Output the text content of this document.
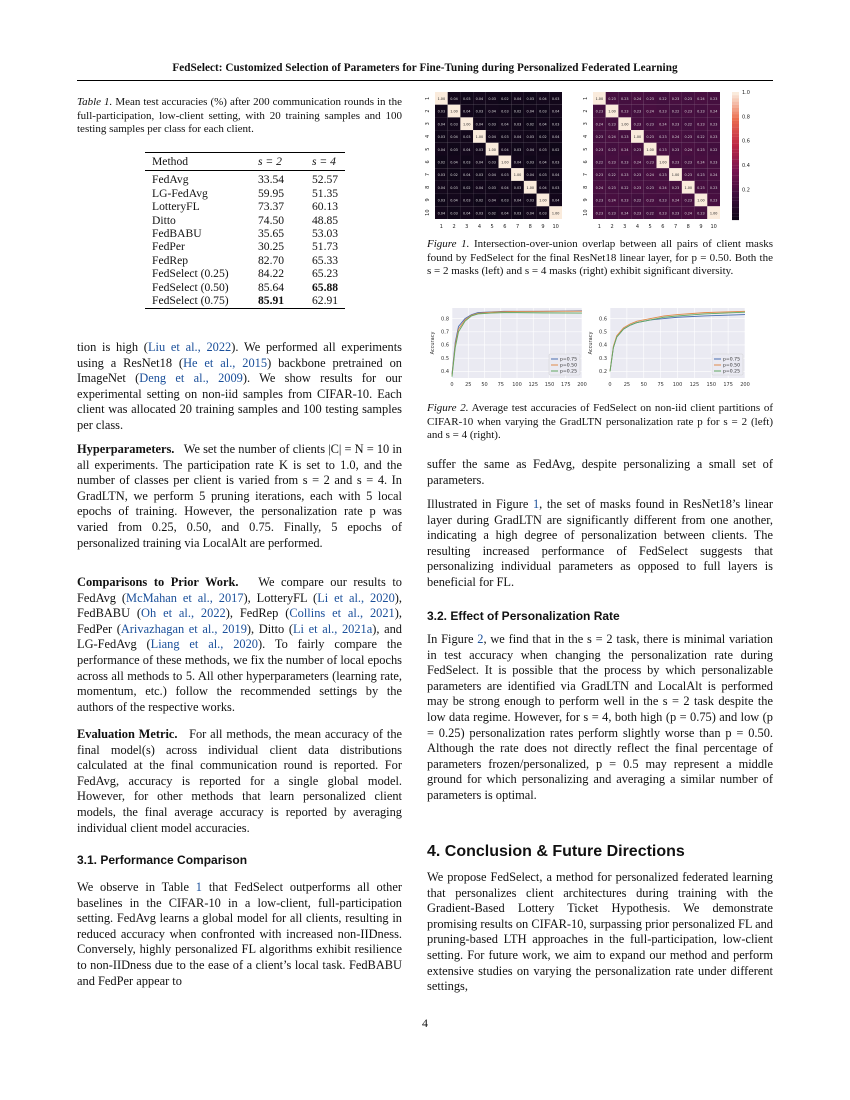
FedSelect: Customized Selection of Parameters for Fine-Tuning during Personalized Federated Learning
Table 1. Mean test accuracies (%) after 200 communication rounds in the full-participation, low-client setting, with 20 training samples and 100 testing samples per class for each client.
Method	s = 2	s = 4
FedAvg	33.54	52.57
LG-FedAvg	59.95	51.35
LotteryFL	73.37	60.13
Ditto	74.50	48.85
FedBABU	35.65	53.03
FedPer	30.25	51.73
FedRep	82.70	65.33
FedSelect (0.25)	84.22	65.23
FedSelect (0.50)	85.64	65.88
FedSelect (0.75)	85.91	62.91

tion is high (Liu et al., 2022). We performed all experiments using a ResNet18 (He et al., 2015) backbone pretrained on ImageNet (Deng et al., 2009). We show results for our experimental setting on non-iid samples from CIFAR-10. Each client was allocated 20 training samples and 100 testing samples per class.

Hyperparameters. We set the number of clients |C| = N = 10 in all experiments. The participation rate K is set to 1.0, and the number of classes per client is varied from s = 2 and s = 4. In GradLTN, we perform 5 pruning iterations, each with 5 local epochs of training. However, the personalization rate p was varied from 0.25, 0.50, and 0.75. Finally, 5 epochs of personalized training via LocalAlt are performed.

Comparisons to Prior Work. We compare our results to FedAvg (McMahan et al., 2017), LotteryFL (Li et al., 2020), FedBABU (Oh et al., 2022), FedRep (Collins et al., 2021), FedPer (Arivazhagan et al., 2019), Ditto (Li et al., 2021a), and LG-FedAvg (Liang et al., 2020). To fairly compare the performance of these methods, we fix the number of local epochs across all methods to 5. All other hyperparameters (learning rate, momentum, etc.) follow the recommended settings by the authors of the respective works.

Evaluation Metric. For all methods, the mean accuracy of the final model(s) across individual client data distributions calculated at the final communication round is reported. For FedAvg, accuracy is reported for a single global model. However, for other methods that learn personalized client models, the final average accuracy is reported by averaging individual client model accuracies.

3.1. Performance Comparison

We observe in Table 1 that FedSelect outperforms all other baselines in the CIFAR-10 in a low-client, full-participation setting. FedAvg learns a global model for all clients, resulting in reduced accuracy when confronted with increased non-IIDness. Conversely, highly personalized FL algorithms exhibit resilience to non-IIDness due to the ease of a client’s local task. FedBABU and FedPer appear to

1.00 0.04 0.03 0.04 0.03 0.02 0.04 0.03 0.04 0.03
0.03 1.00 0.04 0.03 0.04 0.03 0.02 0.04 0.03 0.04
0.04 0.03 1.00 0.04 0.03 0.04 0.03 0.02 0.04 0.03
0.03 0.04 0.03 1.00 0.04 0.03 0.04 0.03 0.02 0.04
0.04 0.03 0.04 0.03 1.00 0.04 0.03 0.04 0.03 0.02
0.02 0.04 0.03 0.04 0.03 1.00 0.04 0.03 0.04 0.03
0.03 0.02 0.04 0.03 0.04 0.03 1.00 0.04 0.03 0.04
0.04 0.03 0.02 0.04 0.03 0.04 0.03 1.00 0.04 0.03
0.03 0.04 0.03 0.02 0.04 0.03 0.04 0.03 1.00 0.04
0.04 0.03 0.04 0.03 0.02 0.04 0.03 0.04 0.03 1.00
1 2 3 4 5 6 7 8 9 10
1
2
3
4
5
6
7
8
9
10
1.00 0.23 0.23 0.24 0.23 0.22 0.23 0.23 0.24 0.23
0.23 1.00 0.23 0.23 0.24 0.23 0.22 0.23 0.23 0.24
0.24 0.23 1.00 0.23 0.23 0.24 0.23 0.22 0.23 0.23
0.23 0.24 0.23 1.00 0.23 0.23 0.24 0.23 0.22 0.23
0.23 0.23 0.24 0.23 1.00 0.23 0.23 0.24 0.23 0.22
0.22 0.23 0.23 0.24 0.23 1.00 0.23 0.23 0.24 0.23
0.23 0.22 0.23 0.23 0.24 0.23 1.00 0.23 0.23 0.24
0.24 0.23 0.22 0.23 0.23 0.24 0.23 1.00 0.23 0.23
0.23 0.24 0.23 0.22 0.23 0.23 0.24 0.23 1.00 0.23
0.23 0.23 0.24 0.23 0.22 0.23 0.23 0.24 0.23 1.00
1 2 3 4 5 6 7 8 9 10
1
2
3
4
5
6
7
8
9
10
1.0
0.8
0.6
0.4
0.2
Figure 1. Intersection-over-union overlap between all pairs of client masks found by FedSelect for the final ResNet18 linear layer, for p = 0.50. Both the s = 2 masks (left) and s = 4 masks (right) exhibit significant diversity.
0.4
0.5
0.6
0.7
0.8
0 25 50 75 100 125 150 175 200
Accuracy
p=0.75
p=0.50
p=0.25	0.2
0.3
0.4
0.5
0.6
0 25 50 75 100 125 150 175 200
Accuracy
p=0.75
p=0.50
p=0.25
Figure 2. Average test accuracies of FedSelect on non-iid client partitions of CIFAR-10 when varying the GradLTN personalization rate p for s = 2 (left) and s = 4 (right).

suffer the same as FedAvg, despite personalizing a small set of parameters.

Illustrated in Figure 1, the set of masks found in ResNet18’s linear layer during GradLTN are significantly different from one another, indicating a high degree of personalization between clients. The resulting increased performance of FedSelect suggests that personalizing individual parameters as opposed to full layers is beneficial for FL.

3.2. Effect of Personalization Rate

In Figure 2, we find that in the s = 2 task, there is minimal variation in test accuracy when changing the personalization rate during FedSelect. It is possible that the process by which personalizable parameters are identified via GradLTN and LocalAlt is performed may be strong enough to perform well in the s = 2 task despite the low data regime. However, for s = 4, both high (p = 0.75) and low (p = 0.25) personalization rates perform slightly worse than p = 0.50. Although the rate does not directly reflect the final percentage of parameters frozen/personalized, p = 0.5 may represent a middle ground for which personalizing and averaging a similar number of parameters is optimal.

4. Conclusion & Future Directions

We propose FedSelect, a method for personalized federated learning that personalizes client architectures during training with the Gradient-Based Lottery Ticket Hypothesis. We demonstrate promising results on CIFAR-10, surpassing prior personalized FL and pruning-based LTH approaches in the full-participation, low-client setting. For future work, we aim to expand our method and perform extensive studies on varying the personalization rate under different settings,

4
